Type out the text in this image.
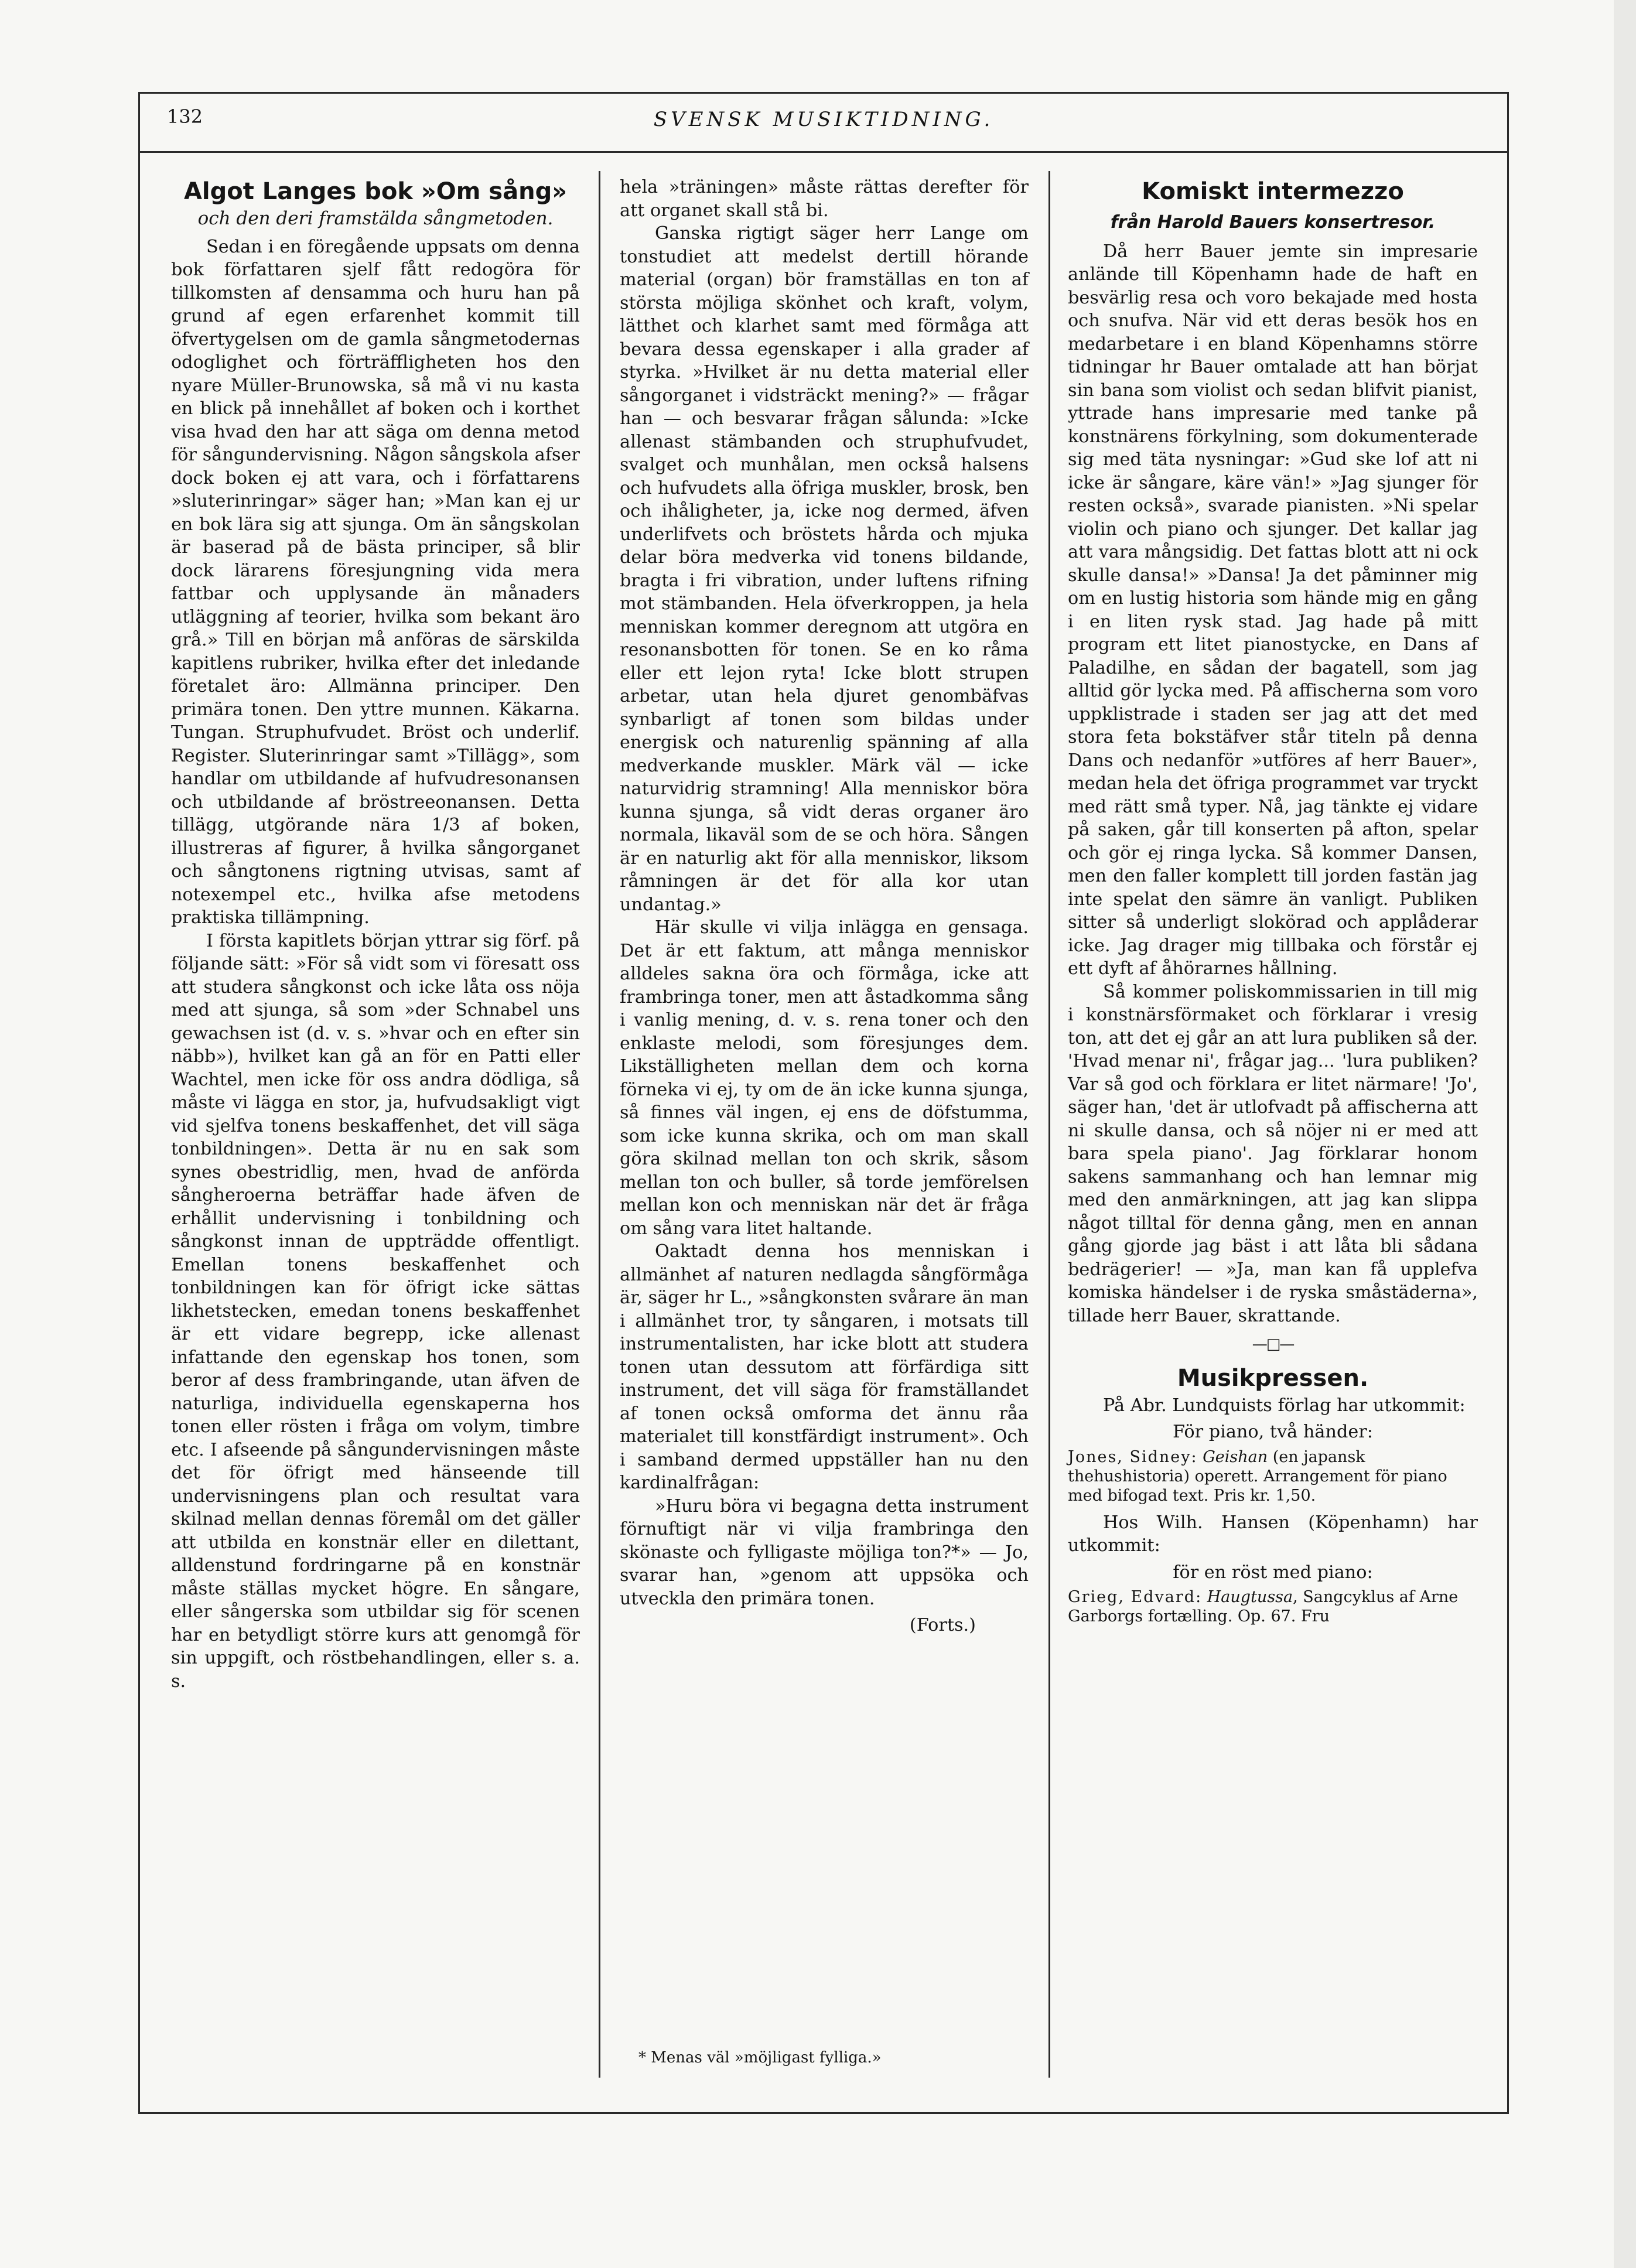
132	SVENSK MUSIKTIDNING.
Algot Langes bok »Om sång»
och den deri framstälda sångmetoden.

Sedan i en föregående uppsats om denna bok författaren sjelf fått redogöra för tillkomsten af densamma och huru han på grund af egen erfarenhet kommit till öfvertygelsen om de gamla sångmetodernas odoglighet och förträffligheten hos den nyare Müller-Brunowska, så må vi nu kasta en blick på innehållet af boken och i korthet visa hvad den har att säga om denna metod för sångundervisning. Någon sångskola afser dock boken ej att vara, och i författarens »sluterinringar» säger han; »Man kan ej ur en bok lära sig att sjunga. Om än sångskolan är baserad på de bästa principer, så blir dock lärarens föresjungning vida mera fattbar och upplysande än månaders utläggning af teorier, hvilka som bekant äro grå.» Till en början må anföras de särskilda kapitlens rubriker, hvilka efter det inledande företalet äro: Allmänna principer. Den primära tonen. Den yttre munnen. Käkarna. Tungan. Struphufvudet. Bröst och underlif. Register. Sluterinringar samt »Tillägg», som handlar om utbildande af hufvudresonansen och utbildande af bröstreeonansen. Detta tillägg, utgörande nära 1/3 af boken, illustreras af figurer, å hvilka sångorganet och sångtonens rigtning utvisas, samt af notexempel etc., hvilka afse metodens praktiska tillämpning.

I första kapitlets början yttrar sig förf. på följande sätt: »För så vidt som vi föresatt oss att studera sångkonst och icke låta oss nöja med att sjunga, så som »der Schnabel uns gewachsen ist (d. v. s. »hvar och en efter sin näbb»), hvilket kan gå an för en Patti eller Wachtel, men icke för oss andra dödliga, så måste vi lägga en stor, ja, hufvudsakligt vigt vid sjelfva tonens beskaffenhet, det vill säga tonbildningen». Detta är nu en sak som synes obestridlig, men, hvad de anförda sångheroerna beträffar hade äfven de erhållit undervisning i tonbildning och sångkonst innan de uppträdde offentligt. Emellan tonens beskaffenhet och tonbildningen kan för öfrigt icke sättas likhetstecken, emedan tonens beskaffenhet är ett vidare begrepp, icke allenast infattande den egenskap hos tonen, som beror af dess frambringande, utan äfven de naturliga, individuella egenskaperna hos tonen eller rösten i fråga om volym, timbre etc. I afseende på sångundervisningen måste det för öfrigt med hänseende till undervisningens plan och resultat vara skilnad mellan dennas föremål om det gäller att utbilda en konstnär eller en dilettant, alldenstund fordringarne på en konstnär måste ställas mycket högre. En sångare, eller sångerska som utbildar sig för scenen har en betydligt större kurs att genomgå för sin uppgift, och röstbehandlingen, eller s. a. s.

hela »träningen» måste rättas derefter för att organet skall stå bi.

Ganska rigtigt säger herr Lange om tonstudiet att medelst dertill hörande material (organ) bör framställas en ton af största möjliga skönhet och kraft, volym, lätthet och klarhet samt med förmåga att bevara dessa egenskaper i alla grader af styrka. »Hvilket är nu detta material eller sångorganet i vidsträckt mening?» — frågar han — och besvarar frågan sålunda: »Icke allenast stämbanden och struphufvudet, svalget och munhålan, men också halsens och hufvudets alla öfriga muskler, brosk, ben och ihåligheter, ja, icke nog dermed, äfven underlifvets och bröstets hårda och mjuka delar böra medverka vid tonens bildande, bragta i fri vibration, under luftens rifning mot stämbanden. Hela öfverkroppen, ja hela menniskan kommer deregnom att utgöra en resonansbotten för tonen. Se en ko råma eller ett lejon ryta! Icke blott strupen arbetar, utan hela djuret genombäfvas synbarligt af tonen som bildas under energisk och naturenlig spänning af alla medverkande muskler. Märk väl — icke naturvidrig stramning! Alla menniskor böra kunna sjunga, så vidt deras organer äro normala, likaväl som de se och höra. Sången är en naturlig akt för alla menniskor, liksom råmningen är det för alla kor utan undantag.»

Här skulle vi vilja inlägga en gensaga. Det är ett faktum, att många menniskor alldeles sakna öra och förmåga, icke att frambringa toner, men att åstadkomma sång i vanlig mening, d. v. s. rena toner och den enklaste melodi, som föresjunges dem. Likställigheten mellan dem och korna förneka vi ej, ty om de än icke kunna sjunga, så finnes väl ingen, ej ens de döfstumma, som icke kunna skrika, och om man skall göra skilnad mellan ton och skrik, såsom mellan ton och buller, så torde jemförelsen mellan kon och menniskan när det är fråga om sång vara litet haltande.

Oaktadt denna hos menniskan i allmänhet af naturen nedlagda sångförmåga är, säger hr L., »sångkonsten svårare än man i allmänhet tror, ty sångaren, i motsats till instrumentalisten, har icke blott att studera tonen utan dessutom att förfärdiga sitt instrument, det vill säga för framställandet af tonen också omforma det ännu råa materialet till konstfärdigt instrument». Och i samband dermed uppställer han nu den kardinalfrågan:

»Huru böra vi begagna detta instrument förnuftigt när vi vilja frambringa den skönaste och fylligaste möjliga ton?*» — Jo, svarar han, »genom att uppsöka och utveckla den primära tonen.

(Forts.)
* Menas väl »möjligast fylliga.»
Komiskt intermezzo
från Harold Bauers konsertresor.

Då herr Bauer jemte sin impresarie anlände till Köpenhamn hade de haft en besvärlig resa och voro bekajade med hosta och snufva. När vid ett deras besök hos en medarbetare i en bland Köpenhamns större tidningar hr Bauer omtalade att han börjat sin bana som violist och sedan blifvit pianist, yttrade hans impresarie med tanke på konstnärens förkylning, som dokumenterade sig med täta nysningar: »Gud ske lof att ni icke är sångare, käre vän!» »Jag sjunger för resten också», svarade pianisten. »Ni spelar violin och piano och sjunger. Det kallar jag att vara mångsidig. Det fattas blott att ni ock skulle dansa!» »Dansa! Ja det påminner mig om en lustig historia som hände mig en gång i en liten rysk stad. Jag hade på mitt program ett litet pianostycke, en Dans af Paladilhe, en sådan der bagatell, som jag alltid gör lycka med. På affischerna som voro uppklistrade i staden ser jag att det med stora feta bokstäfver står titeln på denna Dans och nedanför »utföres af herr Bauer», medan hela det öfriga programmet var tryckt med rätt små typer. Nå, jag tänkte ej vidare på saken, går till konserten på afton, spelar och gör ej ringa lycka. Så kommer Dansen, men den faller komplett till jorden fastän jag inte spelat den sämre än vanligt. Publiken sitter så underligt slokörad och applåderar icke. Jag drager mig tillbaka och förstår ej ett dyft af åhörarnes hållning.

Så kommer poliskommissarien in till mig i konstnärsförmaket och förklarar i vresig ton, att det ej går an att lura publiken så der. 'Hvad menar ni', frågar jag... 'lura publiken? Var så god och förklara er litet närmare! 'Jo', säger han, 'det är utlofvadt på affischerna att ni skulle dansa, och så nöjer ni er med att bara spela piano'. Jag förklarar honom sakens sammanhang och han lemnar mig med den anmärkningen, att jag kan slippa något tilltal för denna gång, men en annan gång gjorde jag bäst i att låta bli sådana bedrägerier! — »Ja, man kan få upplefva komiska händelser i de ryska småstäderna», tillade herr Bauer, skrattande.

—□—
Musikpressen.

På Abr. Lundquists förlag har utkommit:

För piano, två händer:
Jones, Sidney: Geishan (en japansk thehushistoria) operett. Arrangement för piano med bifogad text. Pris kr. 1,50.

Hos Wilh. Hansen (Köpenhamn) har utkommit:

för en röst med piano:
Grieg, Edvard: Haugtussa, Sangcyklus af Arne Garborgs fortælling. Op. 67. Fru
